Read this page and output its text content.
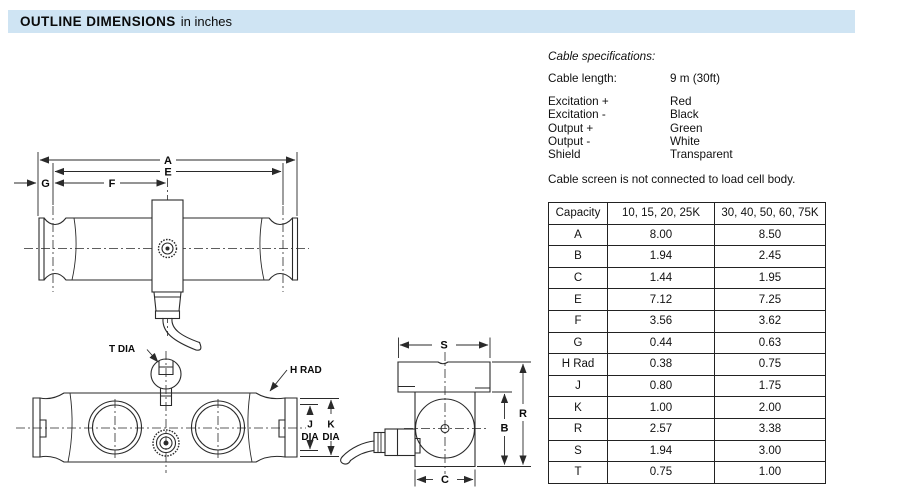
A
E
F
G
T DIA
H RAD
J K
DIA DIA
S
R
B
C
OUTLINE DIMENSIONS in inches

Cable specifications:

Cable length:	9 m (30ft)
Excitation +	Red
Excitation -	Black
Output +	Green
Output -	White
Shield	Transparent
Cable screen is not connected to load cell body.
Capacity	10, 15, 20, 25K	30, 40, 50, 60, 75K
A	8.00	8.50
B	1.94	2.45
C	1.44	1.95
E	7.12	7.25
F	3.56	3.62
G	0.44	0.63
H Rad	0.38	0.75
J	0.80	1.75
K	1.00	2.00
R	2.57	3.38
S	1.94	3.00
T	0.75	1.00
